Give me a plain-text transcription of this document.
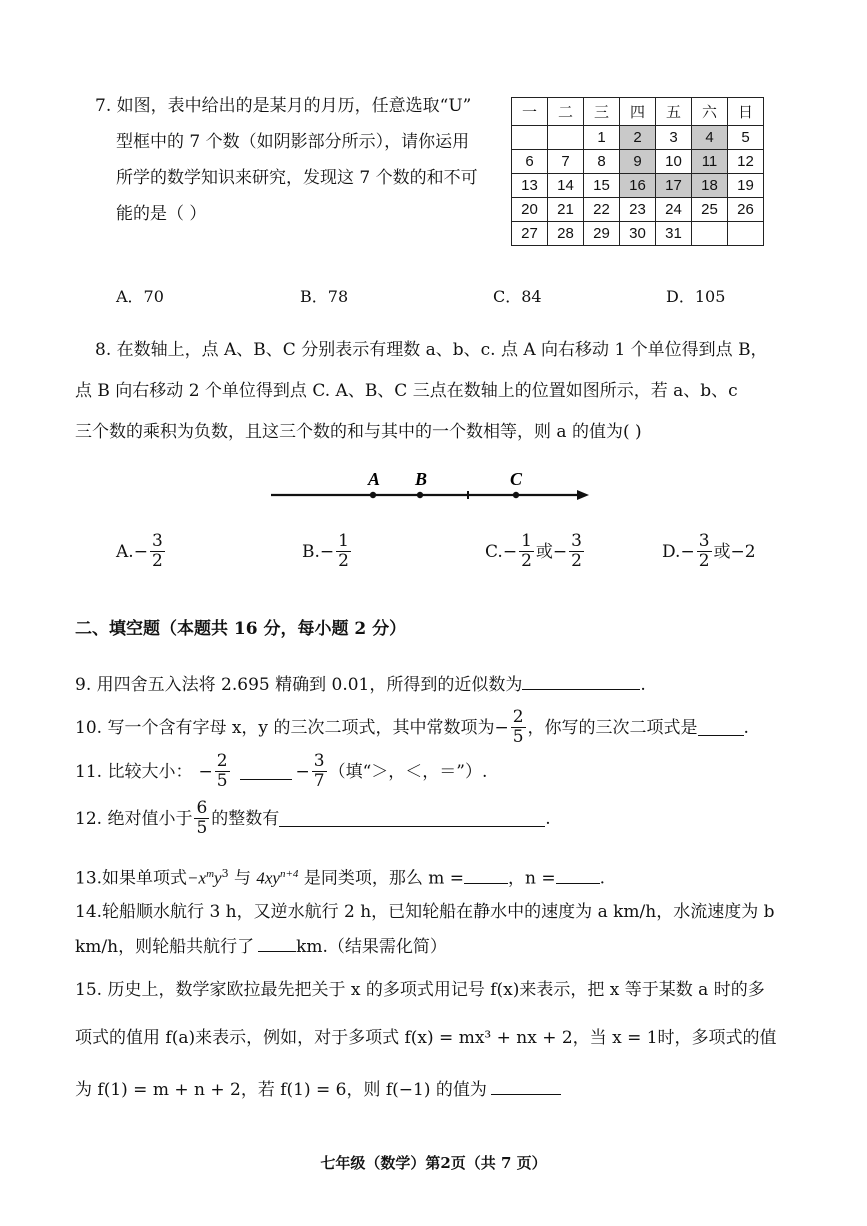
7. 如图，表中给出的是某月的月历，任意选取“U”
型框中的 7 个数（如阴影部分所示），请你运用
所学的数学知识来研究，发现这 7 个数的和不可
能的是（ ）
一	二	三	四	五	六	日
		1	2	3	4	5
6	7	8	9	10	11	12
13	14	15	16	17	18	19
20	21	22	23	24	25	26
27	28	29	30	31		
A．70	B．78	C．84	D．105
8. 在数轴上，点 A、B、C 分别表示有理数 a、b、c. 点 A 向右移动 1 个单位得到点 B，
点 B 向右移动 2 个单位得到点 C. A、B、C 三点在数轴上的位置如图所示，若 a、b、c
三个数的乘积为负数，且这三个数的和与其中的一个数相等，则 a 的值为( )
A B	C
A. − $\frac{3}{2}$	B. − $\frac{1}{2}$	C. − $\frac{1}{2}$ 或 − $\frac{3}{2}$	D. − $\frac{3}{2}$ 或−2
二、填空题（本题共 16 分，每小题 2 分）
9. 用四舍五入法将 2.695 精确到 0.01，所得到的近似数为	.
10. 写一个含有字母 x，y 的三次二项式，其中常数项为 − $\frac{2}{5}$ ，你写的三次二项式是	.
11. 比较大小： − $\frac{2}{5}$	− $\frac{3}{7}$ （填“＞，＜，＝”）.
12. 绝对值小于 $\frac{6}{5}$ 的整数有	.
13.如果单项式$-x^my^3$ 与 $4xy^{n+4}$ 是同类项，那么 m =	，n =	.
14.轮船顺水航行 3 h，又逆水航行 2 h，已知轮船在静水中的速度为 a km/h，水流速度为 b
km/h，则轮船共航行了 km.（结果需化简）
15. 历史上，数学家欧拉最先把关于 x 的多项式用记号 f(x)来表示，把 x 等于某数 a 时的多
项式的值用 f(a)来表示，例如，对于多项式 f(x) = mx³ + nx + 2，当 x = 1时，多项式的值
为 f(1) = m + n + 2，若 f(1) = 6，则 f(−1) 的值为
七年级（数学）第2页（共 7 页）
